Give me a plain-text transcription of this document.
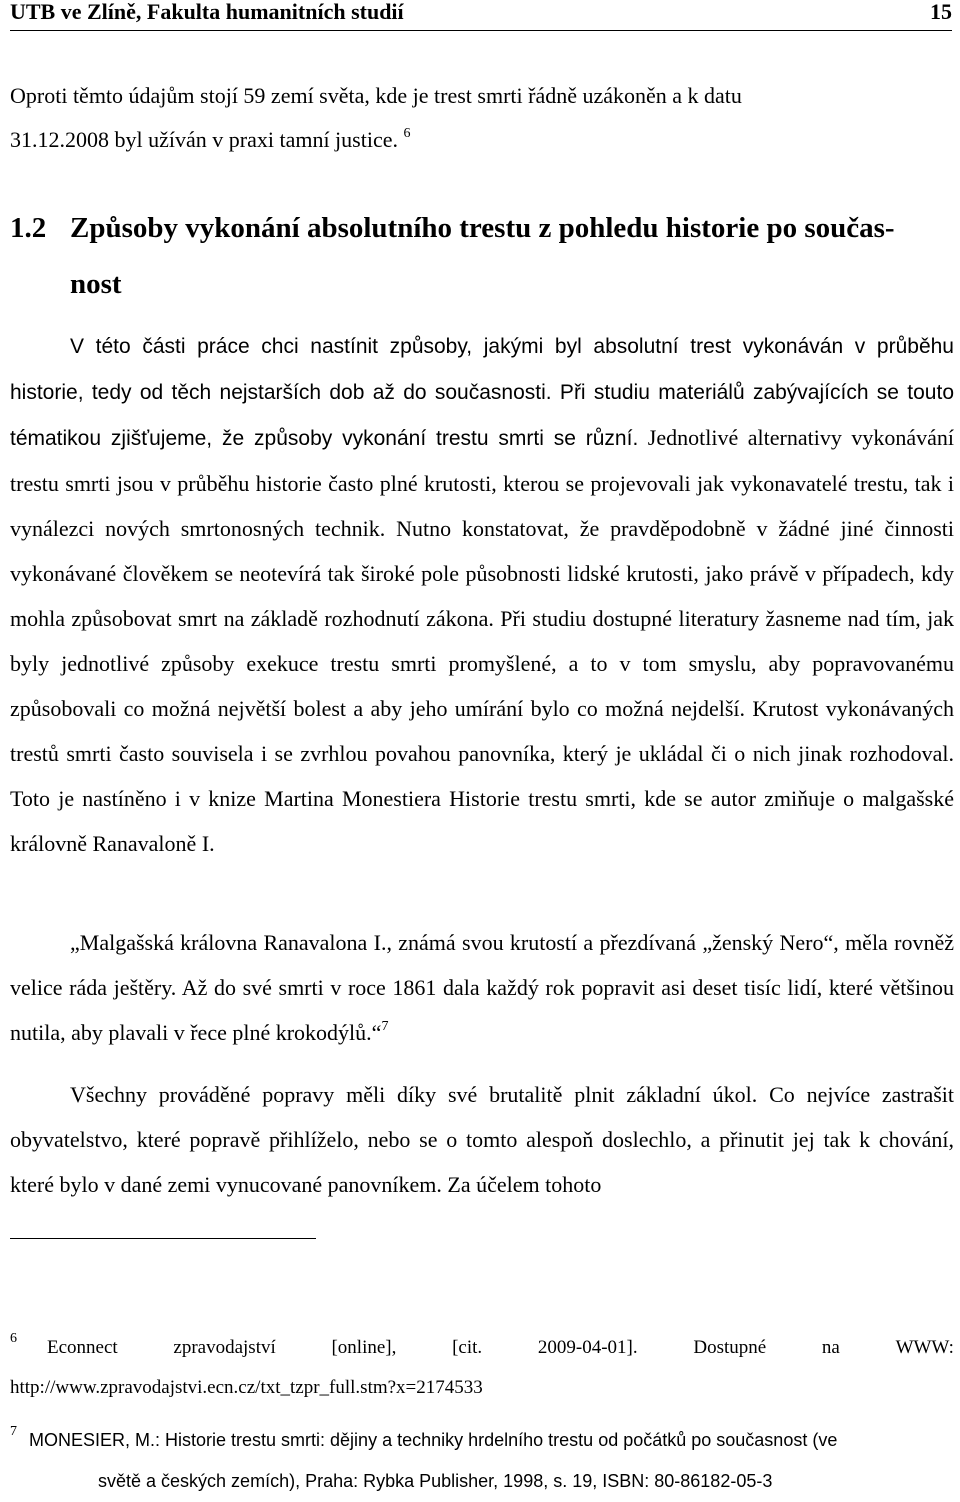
UTB ve Zlíně, Fakulta humanitních studií	15
Oproti těmto údajům stojí 59 zemí světa, kde je trest smrti řádně uzákoněn a k datu
31.12.2008 byl užíván v praxi tamní justice. $^6$
1.2 Způsoby vykonání absolutního trestu z pohledu historie po součas-
nost
V této části práce chci nastínit způsoby, jakými byl absolutní trest vykonáván v průběhu historie, tedy od těch nejstarších dob až do současnosti. Při studiu materiálů zabývajících se touto tématikou zjišťujeme, že způsoby vykonání trestu smrti se různí. Jednotlivé alternativy vykonávání trestu smrti jsou v průběhu historie často plné krutosti, kterou se projevovali jak vykonavatelé trestu, tak i vynálezci nových smrtonosných technik. Nutno konstatovat, že pravděpodobně v žádné jiné činnosti vykonávané člověkem se neotevírá tak široké pole působnosti lidské krutosti, jako právě v případech, kdy mohla způsobovat smrt na základě rozhodnutí zákona. Při studiu dostupné literatury žasneme nad tím, jak byly jednotlivé způsoby exekuce trestu smrti promyšlené, a to v tom smyslu, aby popravovanému způsobovali co možná největší bolest a aby jeho umírání bylo co možná nejdelší. Krutost vykonávaných trestů smrti často souvisela i se zvrhlou povahou panovníka, který je ukládal či o nich jinak rozhodoval. Toto je nastíněno i v knize Martina Monestiera Historie trestu smrti, kde se autor zmiňuje o malgašské královně Ranavaloně I.
„Malgašská královna Ranavalona I., známá svou krutostí a přezdívaná „ženský Nero“, měla rovněž velice ráda ještěry. Až do své smrti v roce 1861 dala každý rok popravit asi deset tisíc lidí, které většinou nutila, aby plavali v řece plné krokodýlů.“$^7$
Všechny prováděné popravy měli díky své brutalitě plnit základní úkol. Co nejvíce zastrašit obyvatelstvo, které popravě přihlíželo, nebo se o tomto alespoň doslechlo, a přinutit jej tak k chování, které bylo v dané zemi vynucované panovníkem. Za účelem tohoto
$^6$ Econnect	zpravodajství	[online],	[cit.	2009-04-01].	Dostupné	na	WWW:
http://www.zpravodajstvi.ecn.cz/txt_tzpr_full.stm?x=2174533
$^7$ MONESIER, M.: Historie trestu smrti: dějiny a techniky hrdelního trestu od počátků po současnost (ve
světě a českých zemích), Praha: Rybka Publisher, 1998, s. 19, ISBN: 80-86182-05-3
